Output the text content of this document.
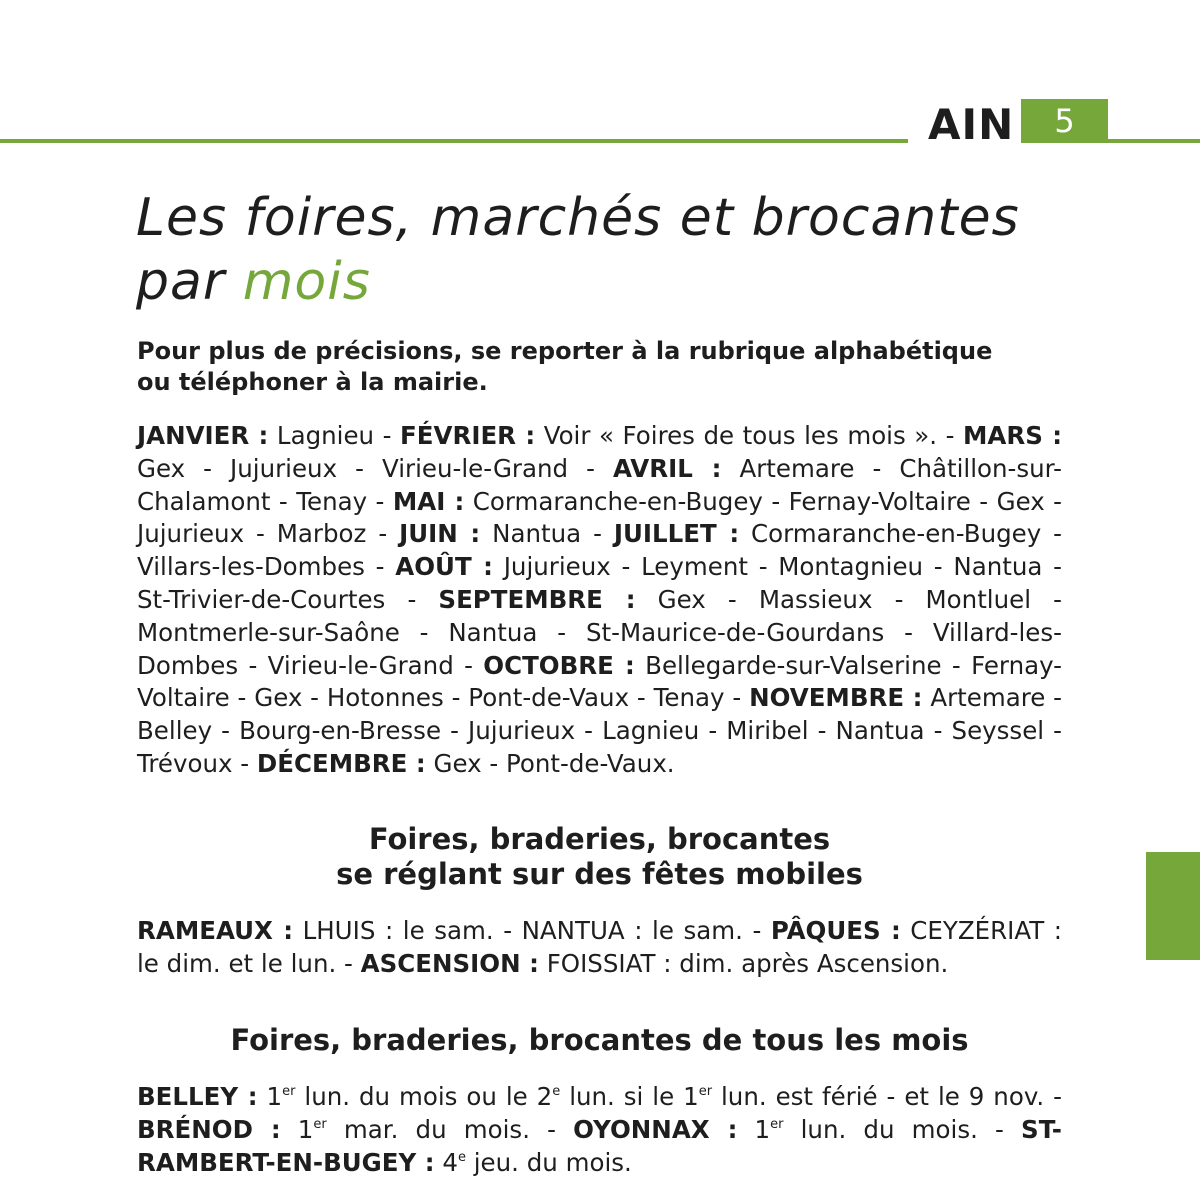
AIN	5
Les foires, marchés et brocantes
par mois
Pour plus de précisions, se reporter à la rubrique alphabétique
ou téléphoner à la mairie.
JANVIER : Lagnieu - FÉVRIER : Voir « Foires de tous les mois ». - MARS : Gex - Jujurieux - Virieu-le-Grand - AVRIL : Artemare - Châtillon-sur-Chalamont - Tenay - MAI : Cormaranche-en-Bugey - Fernay-Voltaire - Gex - Jujurieux - Marboz - JUIN : Nantua - JUILLET : Cormaranche-en-Bugey - Villars-les-Dombes - AOÛT : Jujurieux - Leyment - Montagnieu - Nantua - St-Trivier-de-Courtes - SEPTEMBRE : Gex - Massieux - Montluel - Montmerle-sur-Saône - Nantua - St-Maurice-de-Gourdans - Villard-les-Dombes - Virieu-le-Grand - OCTOBRE : Bellegarde-sur-Valserine - Fernay-Voltaire - Gex - Hotonnes - Pont-de-Vaux - Tenay - NOVEMBRE : Artemare - Belley - Bourg-en-Bresse - Jujurieux - Lagnieu - Miribel - Nantua - Seyssel - Trévoux - DÉCEMBRE : Gex - Pont-de-Vaux.
Foires, braderies, brocantes
se réglant sur des fêtes mobiles
RAMEAUX : LHUIS : le sam. - NANTUA : le sam. - PÂQUES : CEYZÉRIAT : le dim. et le lun. - ASCENSION : FOISSIAT : dim. après Ascension.
Foires, braderies, brocantes de tous les mois
BELLEY : 1er lun. du mois ou le 2e lun. si le 1er lun. est férié - et le 9 nov. - BRÉNOD : 1er mar. du mois. - OYONNAX : 1er lun. du mois. - ST-RAMBERT-EN-BUGEY : 4e jeu. du mois.
